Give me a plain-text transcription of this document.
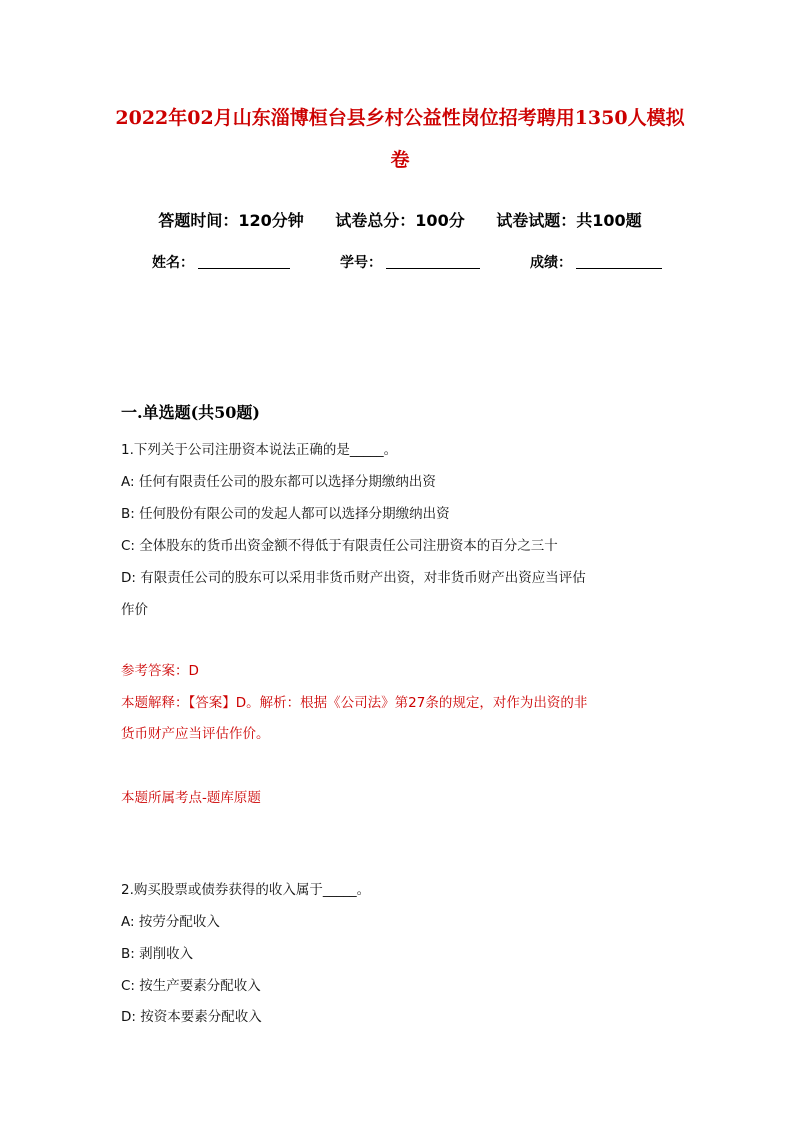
2022年02月山东淄博桓台县乡村公益性岗位招考聘用1350人模拟
卷
答题时间：120分钟 试卷总分：100分 试卷试题：共100题
姓名：	学号：	成绩：
一.单选题(共50题)
1.下列关于公司注册资本说法正确的是_____。
A: 任何有限责任公司的股东都可以选择分期缴纳出资
B: 任何股份有限公司的发起人都可以选择分期缴纳出资
C: 全体股东的货币出资金额不得低于有限责任公司注册资本的百分之三十
D: 有限责任公司的股东可以采用非货币财产出资，对非货币财产出资应当评估
作价
参考答案：D
本题解释：【答案】D。解析：根据《公司法》第27条的规定，对作为出资的非
货币财产应当评估作价。
本题所属考点-题库原题
2.购买股票或债券获得的收入属于_____。
A: 按劳分配收入
B: 剥削收入
C: 按生产要素分配收入
D: 按资本要素分配收入
